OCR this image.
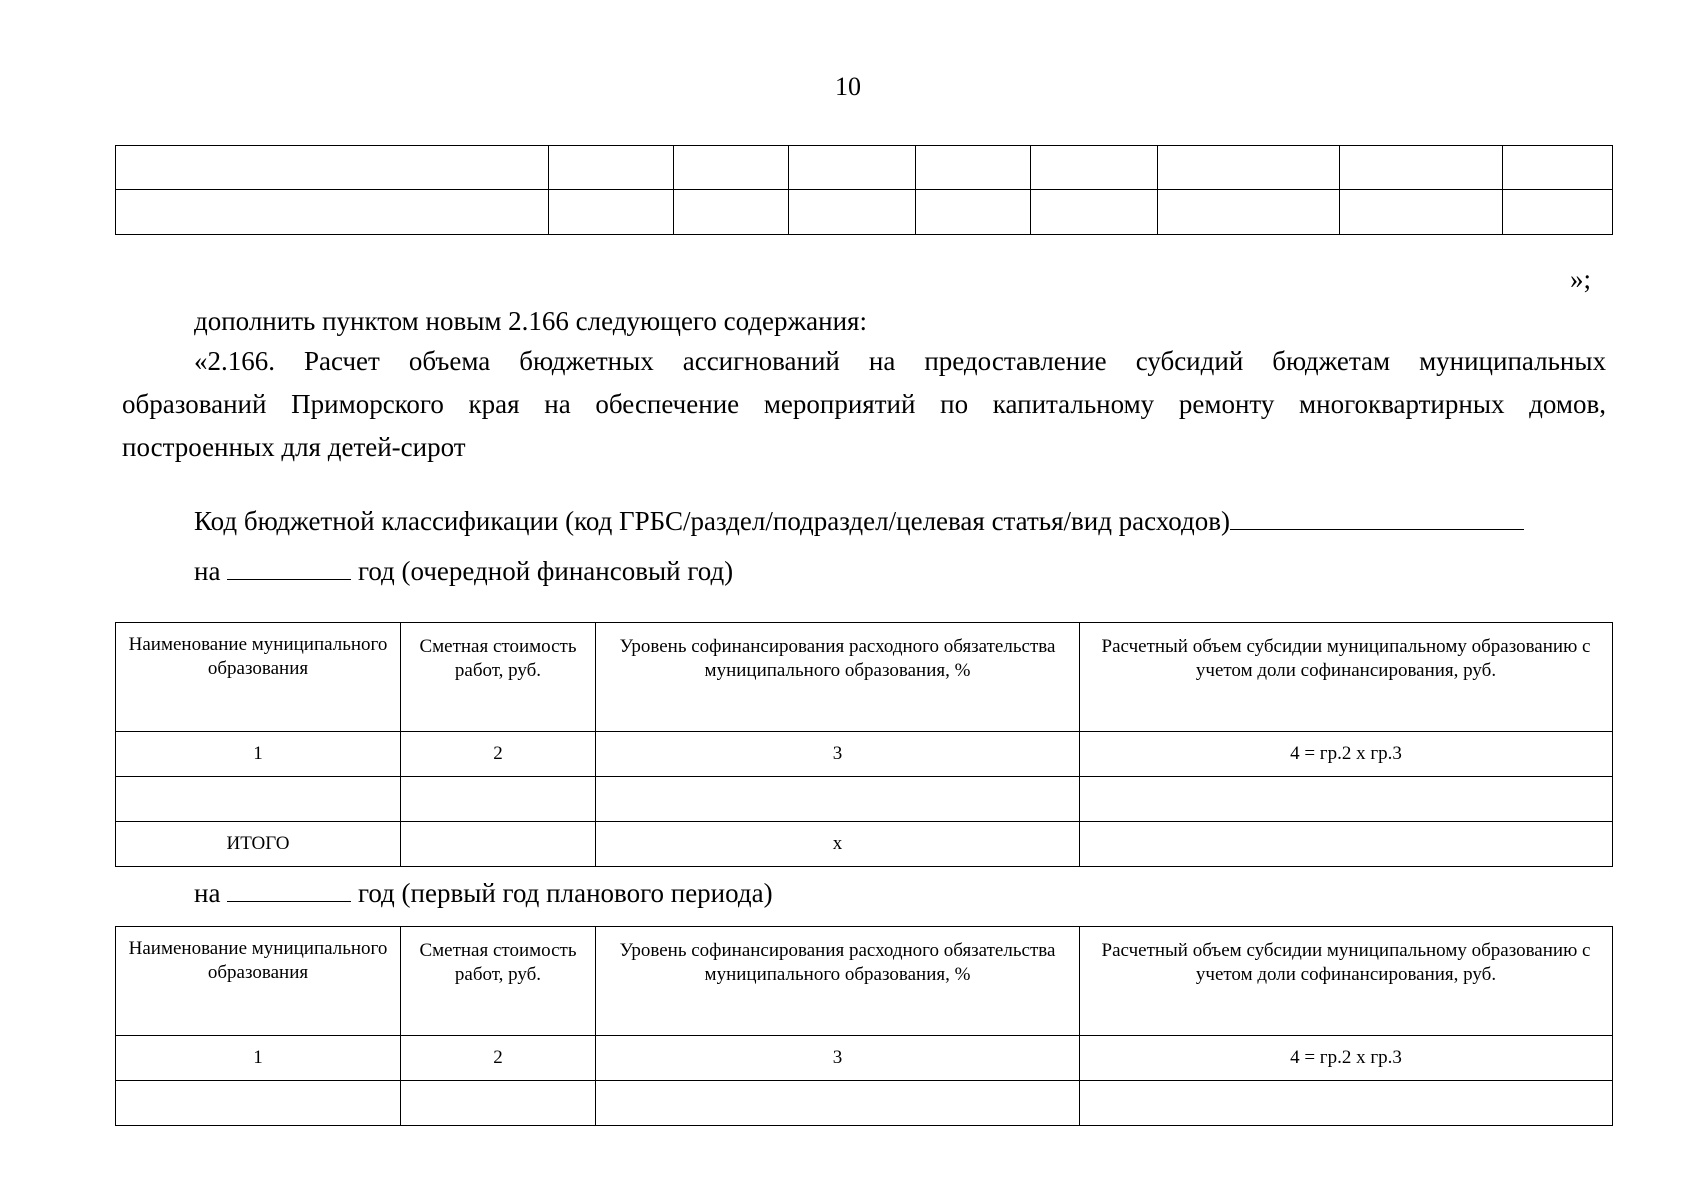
10

»;
дополнить пунктом новым 2.166 следующего содержания:
«2.166. Расчет объема бюджетных ассигнований на предоставление субсидий бюджетам муниципальных
образований Приморского края на обеспечение мероприятий по капитальному ремонту многоквартирных домов,
построенных для детей-сирот
Код бюджетной классификации (код ГРБС/раздел/подраздел/целевая статья/вид расходов)
на	год (очередной финансовый год)
Наименование муниципального образования	Сметная стоимость работ, руб.	Уровень софинансирования расходного обязательства муниципального образования, %	Расчетный объем субсидии муниципальному образованию с учетом доли софинансирования, руб.
1	2	3	4 = гр.2 х гр.3

ИТОГО		х	
на	год (первый год планового периода)
Наименование муниципального образования	Сметная стоимость работ, руб.	Уровень софинансирования расходного обязательства муниципального образования, %	Расчетный объем субсидии муниципальному образованию с учетом доли софинансирования, руб.
1	2	3	4 = гр.2 х гр.3
